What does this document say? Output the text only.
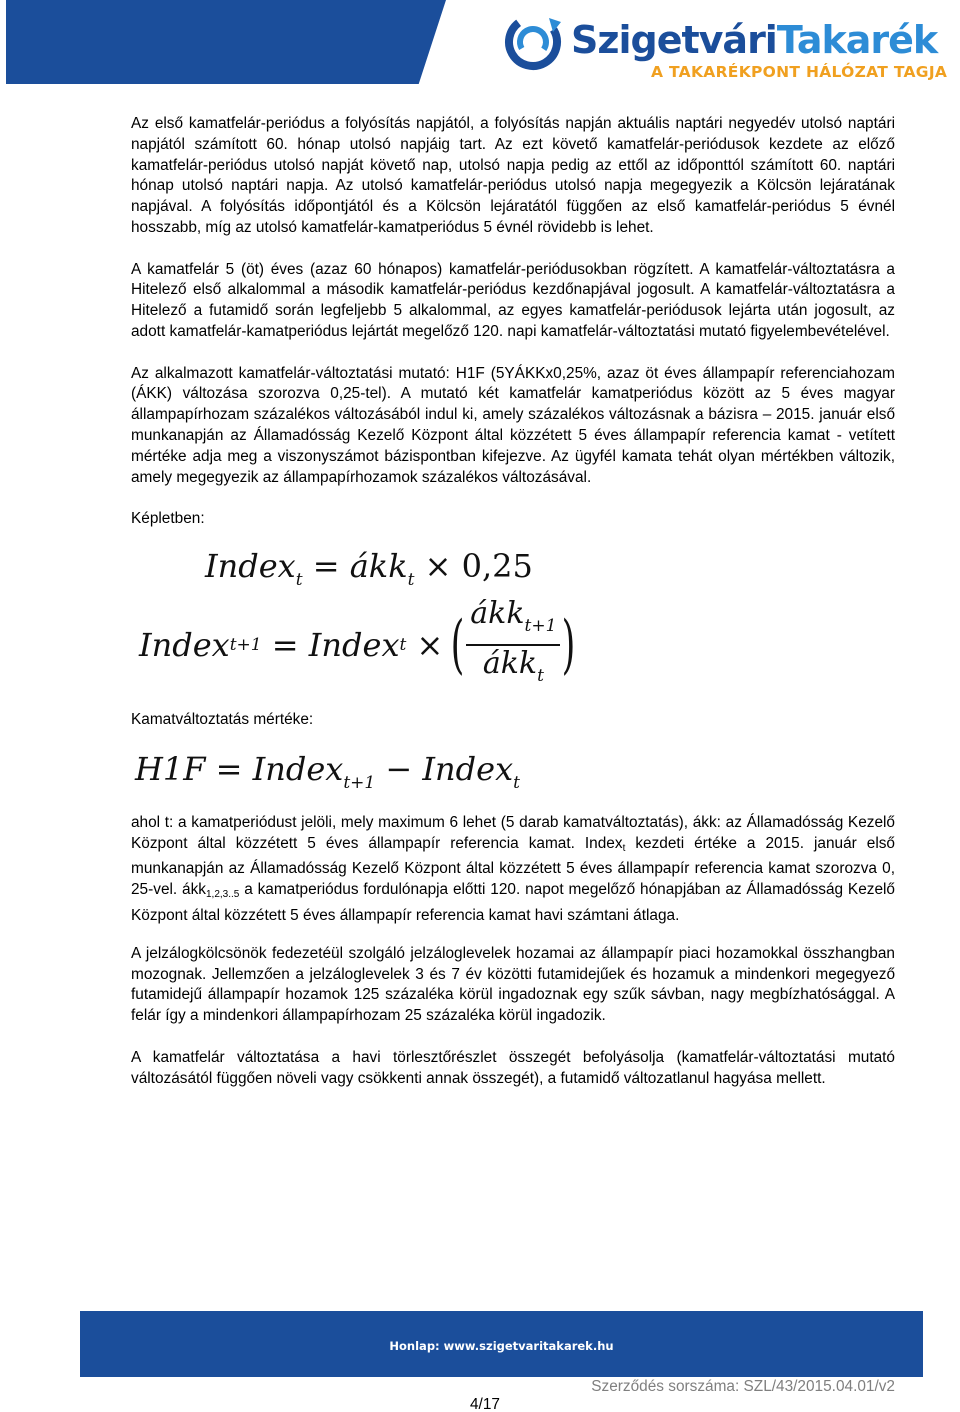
SzigetváriTakarék
A TAKARÉKPONT HÁLÓZAT TAGJA

Az első kamatfelár-periódus a folyósítás napjától, a folyósítás napján aktuális naptári negyedév utolsó naptári napjától számított 60. hónap utolsó napjáig tart. Az ezt követő kamatfelár-periódusok kezdete az előző kamatfelár-periódus utolsó napját követő nap, utolsó napja pedig az ettől az időponttól számított 60. naptári hónap utolsó naptári napja. Az utolsó kamatfelár-periódus utolsó napja megegyezik a Kölcsön lejáratának napjával. A folyósítás időpontjától és a Kölcsön lejáratától függően az első kamatfelár-periódus 5 évnél hosszabb, míg az utolsó kamatfelár-kamatperiódus 5 évnél rövidebb is lehet.

A kamatfelár 5 (öt) éves (azaz 60 hónapos) kamatfelár-periódusokban rögzített. A kamatfelár-változtatásra a Hitelező első alkalommal a második kamatfelár-periódus kezdőnapjával jogosult. A kamatfelár-változtatásra a Hitelező a futamidő során legfeljebb 5 alkalommal, az egyes kamatfelár-periódusok lejárta után jogosult, az adott kamatfelár-kamatperiódus lejártát megelőző 120. napi kamatfelár-változtatási mutató figyelembevételével.

Az alkalmazott kamatfelár-változtatási mutató: H1F (5YÁKKx0,25%, azaz öt éves állampapír referenciahozam (ÁKK) változása szorozva 0,25-tel). A mutató két kamatfelár kamatperiódus között az 5 éves magyar állampapírhozam százalékos változásából indul ki, amely százalékos változásnak a bázisra – 2015. január első munkanapján az Államadósság Kezelő Központ által közzétett 5 éves állampapír referencia kamat - vetített mértéke adja meg a viszonyszámot bázispontban kifejezve. Az ügyfél kamata tehát olyan mértékben változik, amely megegyezik az állampapírhozamok százalékos változásával.

Képletben:

Index$_t$ = ákk$_t$ × 0,25
Index t+1 = Index t × ( $\frac{ákk_{t+1}}{ákk_t}$ )

Kamatváltoztatás mértéke:

H1F = Index$_{t+1}$ − Index$_t$

ahol t: a kamatperiódust jelöli, mely maximum 6 lehet (5 darab kamatváltoztatás), ákk: az Államadósság Kezelő Központ által közzétett 5 éves állampapír referencia kamat. Index$_t$ kezdeti értéke a 2015. január első munkanapján az Államadósság Kezelő Központ által közzétett 5 éves állampapír referencia kamat szorozva 0, 25-vel. ákk$_{1,2,3..5}$ a kamatperiódus fordulónapja előtti 120. napot megelőző hónapjában az Államadósság Kezelő Központ által közzétett 5 éves állampapír referencia kamat havi számtani átlaga.

A jelzálogkölcsönök fedezetéül szolgáló jelzáloglevelek hozamai az állampapír piaci hozamokkal összhangban mozognak. Jellemzően a jelzáloglevelek 3 és 7 év közötti futamidejűek és hozamuk a mindenkori megegyező futamidejű állampapír hozamok 125 százaléka körül ingadoznak egy szűk sávban, nagy megbízhatósággal. A felár így a mindenkori állampapírhozam 25 százaléka körül ingadozik.

A kamatfelár változtatása a havi törlesztőrészlet összegét befolyásolja (kamatfelár-változtatási mutató változásától függően növeli vagy csökkenti annak összegét), a futamidő változatlanul hagyása mellett.

Honlap: www.szigetvaritakarek.hu
Szerződés sorszáma: SZL/43/2015.04.01/v2
4/17
